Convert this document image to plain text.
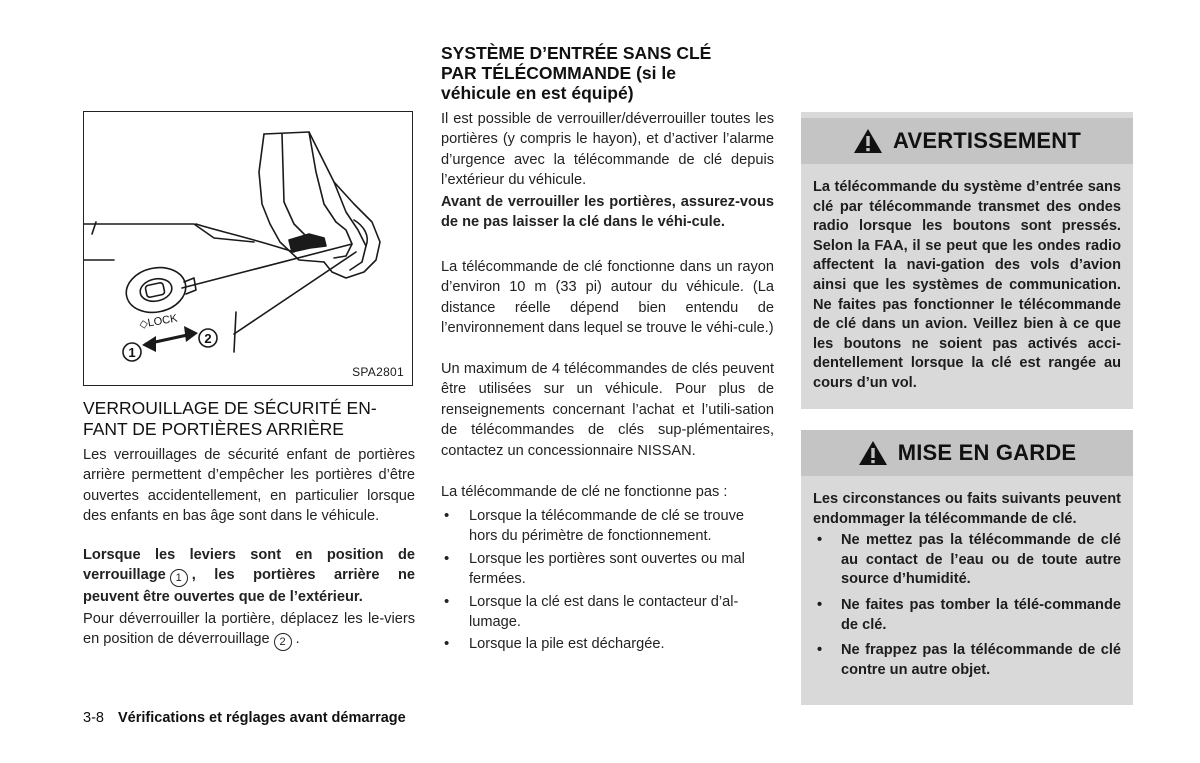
1
2
◇LOCK
SPA2801
VERROUILLAGE DE SÉCURITÉ EN-FANT DE PORTIÈRES ARRIÈRE

Les verrouillages de sécurité enfant de portières arrière permettent d’empêcher les portières d’être ouvertes accidentellement, en particulier lorsque des enfants en bas âge sont dans le véhicule.

Lorsque les leviers sont en position de verrouillage 1 , les portières arrière ne peuvent être ouvertes que de l’extérieur.

Pour déverrouiller la portière, déplacez les le-viers en position de déverrouillage 2 .

SYSTÈME D’ENTRÉE SANS CLÉ
PAR TÉLÉCOMMANDE (si le
véhicule en est équipé)

Il est possible de verrouiller/déverrouiller toutes les portières (y compris le hayon), et d’activer l’alarme d’urgence avec la télécommande de clé depuis l’extérieur du véhicule.

Avant de verrouiller les portières, assurez-vous de ne pas laisser la clé dans le véhi-cule.

La télécommande de clé fonctionne dans un rayon d’environ 10 m (33 pi) autour du véhicule. (La distance réelle dépend bien entendu de l’environnement dans lequel se trouve le véhi-cule.)

Un maximum de 4 télécommandes de clés peuvent être utilisées sur un véhicule. Pour plus de renseignements concernant l’achat et l’utili-sation de télécommandes de clés sup-plémentaires, contactez un concessionnaire NISSAN.

La télécommande de clé ne fonctionne pas :

• Lorsque la télécommande de clé se trouve hors du périmètre de fonctionnement.
• Lorsque les portières sont ouvertes ou mal fermées.
• Lorsque la clé est dans le contacteur d’al-lumage.
• Lorsque la pile est déchargée.
AVERTISSEMENT
La télécommande du système d’entrée sans clé par télécommande transmet des ondes radio lorsque les boutons sont pressés. Selon la FAA, il se peut que les ondes radio affectent la navi-gation des vols d’avion ainsi que les systèmes de communication. Ne faites pas fonctionner le télécommande de clé dans un avion. Veillez bien à ce que les boutons ne soient pas activés acci-dentellement lorsque la clé est rangée au cours d’un vol.
MISE EN GARDE
Les circonstances ou faits suivants peuvent endommager la télécommande de clé.
• Ne mettez pas la télécommande de clé au contact de l’eau ou de toute autre source d’humidité.
• Ne faites pas tomber la télé-commande de clé.
• Ne frappez pas la télécommande de clé contre un autre objet.
3-8 Vérifications et réglages avant démarrage
